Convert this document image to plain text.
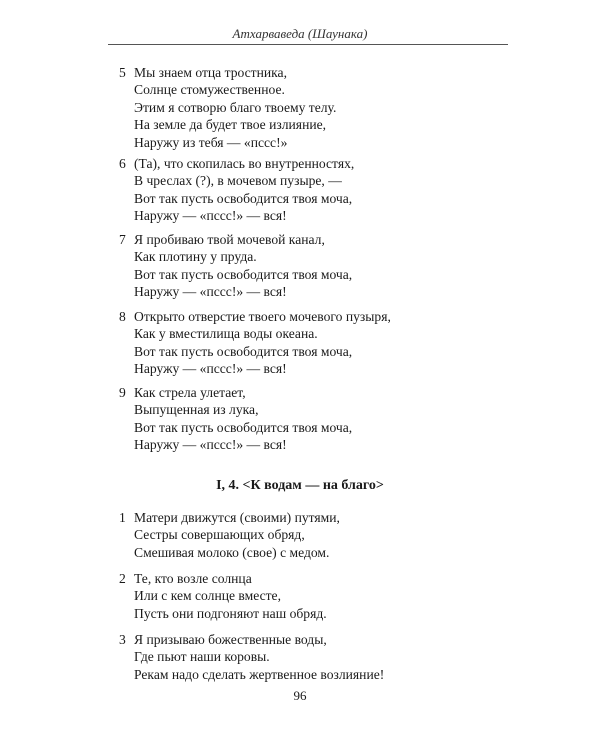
Атхарваведа (Шаунака)
5 Мы знаем отца тростника,
Солнце стомужественное.
Этим я сотворю благо твоему телу.
На земле да будет твое излияние,
Наружу из тебя — «пссс!»
6 (Та), что скопилась во внутренностях,
В чреслах (?), в мочевом пузыре, —
Вот так пусть освободится твоя моча,
Наружу — «пссс!» — вся!
7 Я пробиваю твой мочевой канал,
Как плотину у пруда.
Вот так пусть освободится твоя моча,
Наружу — «пссс!» — вся!
8 Открыто отверстие твоего мочевого пузыря,
Как у вместилища воды океана.
Вот так пусть освободится твоя моча,
Наружу — «пссс!» — вся!
9 Как стрела улетает,
Выпущенная из лука,
Вот так пусть освободится твоя моча,
Наружу — «пссс!» — вся!
I, 4. <К водам — на благо>
1 Матери движутся (своими) путями,
Сестры совершающих обряд,
Смешивая молоко (свое) с медом.
2 Те, кто возле солнца
Или с кем солнце вместе,
Пусть они подгоняют наш обряд.
3 Я призываю божественные воды,
Где пьют наши коровы.
Рекам надо сделать жертвенное возлияние!
96
